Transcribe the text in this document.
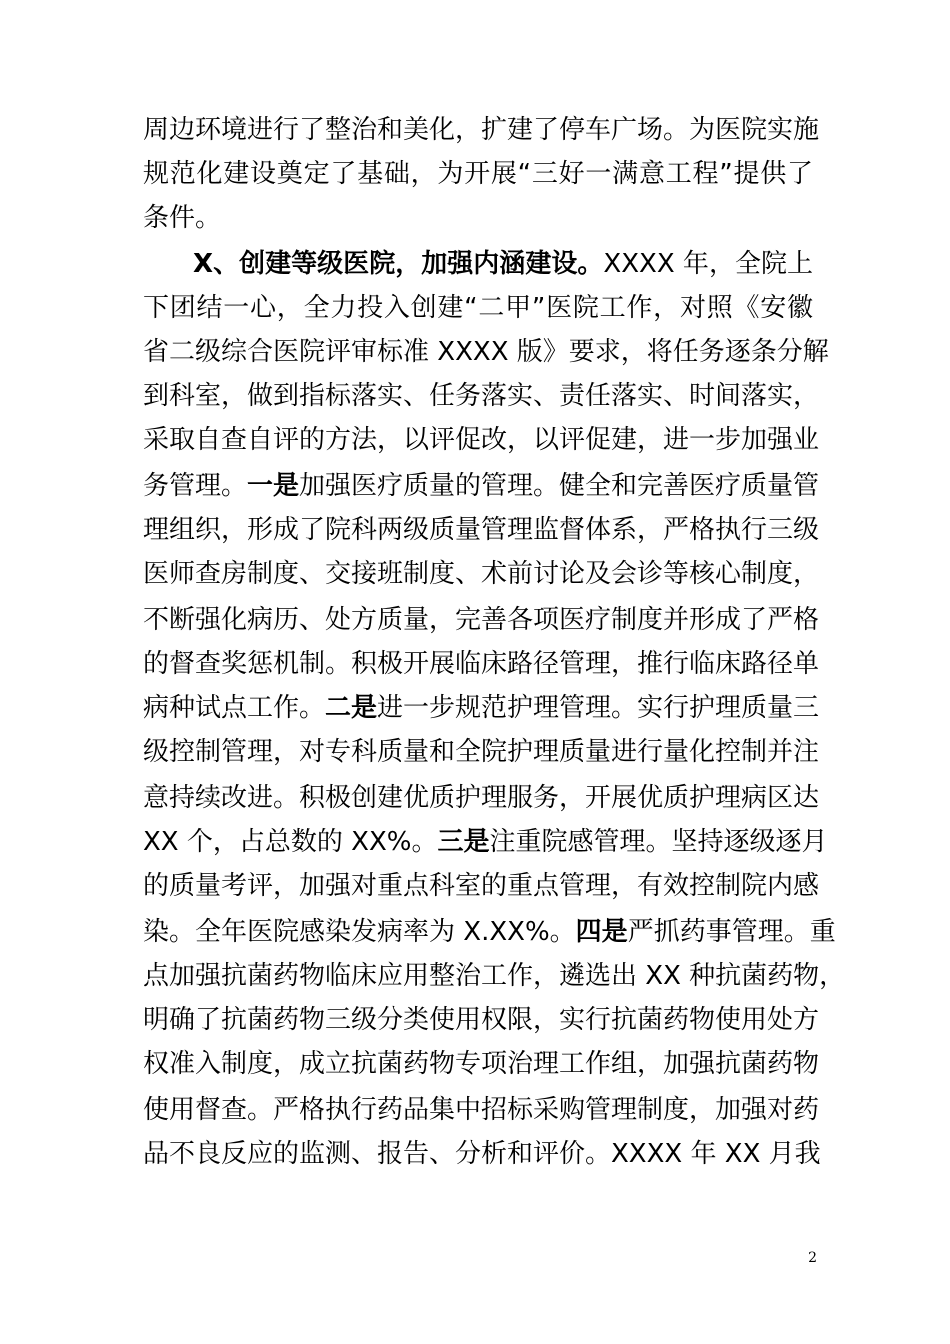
周边环境进行了整治和美化，扩建了停车广场。为医院实施
规范化建设奠定了基础，为开展“三好一满意工程”提供了
条件。
X、创建等级医院，加强内涵建设。XXXX 年，全院上
下团结一心，全力投入创建“二甲”医院工作，对照《安徽
省二级综合医院评审标准 XXXX 版》要求，将任务逐条分解
到科室，做到指标落实、任务落实、责任落实、时间落实，
采取自查自评的方法，以评促改，以评促建，进一步加强业
务管理。一是加强医疗质量的管理。健全和完善医疗质量管
理组织，形成了院科两级质量管理监督体系，严格执行三级
医师查房制度、交接班制度、术前讨论及会诊等核心制度，
不断强化病历、处方质量，完善各项医疗制度并形成了严格
的督查奖惩机制。积极开展临床路径管理，推行临床路径单
病种试点工作。二是进一步规范护理管理。实行护理质量三
级控制管理，对专科质量和全院护理质量进行量化控制并注
意持续改进。积极创建优质护理服务，开展优质护理病区达
XX 个，占总数的 XX%。三是注重院感管理。坚持逐级逐月
的质量考评，加强对重点科室的重点管理，有效控制院内感
染。全年医院感染发病率为 X.XX%。四是严抓药事管理。重
点加强抗菌药物临床应用整治工作，遴选出 XX 种抗菌药物，
明确了抗菌药物三级分类使用权限，实行抗菌药物使用处方
权准入制度，成立抗菌药物专项治理工作组，加强抗菌药物
使用督查。严格执行药品集中招标采购管理制度，加强对药
品不良反应的监测、报告、分析和评价。XXXX 年 XX 月我
2
